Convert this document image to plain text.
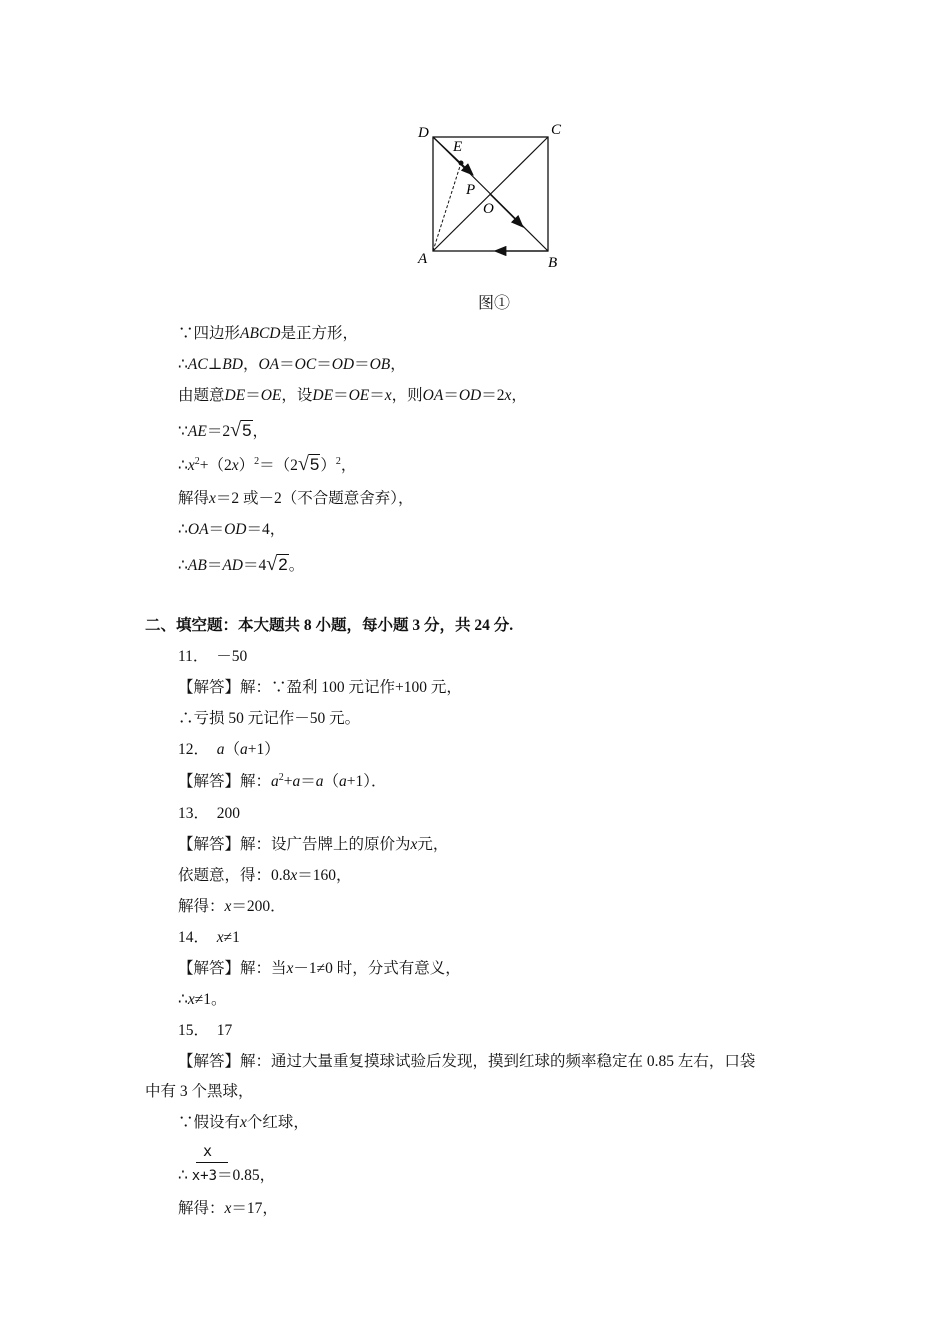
D	C
E
P
O
A	B
图①
∵四边形ABCD是正方形，
∴AC⊥BD，OA＝OC＝OD＝OB，
由题意DE＝OE，设DE＝OE＝x，则OA＝OD＝2x，
∵AE＝2√5，
$\therefore x^2+(2x)^2=(2√5)^2$，
解得x＝2 或－2（不合题意舍弃），
∴OA＝OD＝4，
∴AB＝AD＝4√2。
二、填空题：本大题共 8 小题，每小题 3 分，共 24 分.
11． －50
【解答】解：∵盈利 100 元记作+100 元，
∴亏损 50 元记作－50 元。
12． a（a+1）
【解答】解：$a^2+a=a(a+1)$．
13． 200
【解答】解：设广告牌上的原价为x元，
依题意，得：0.8x＝160，
解得：x＝200．
14． x≠1
【解答】解：当x－1≠0 时，分式有意义，
∴x≠1。
15． 17
【解答】解：通过大量重复摸球试验后发现，摸到红球的频率稳定在 0.85 左右，口袋
中有 3 个黑球，
∵假设有x个红球，
x
∴ x+3＝0.85，
解得：x＝17，
